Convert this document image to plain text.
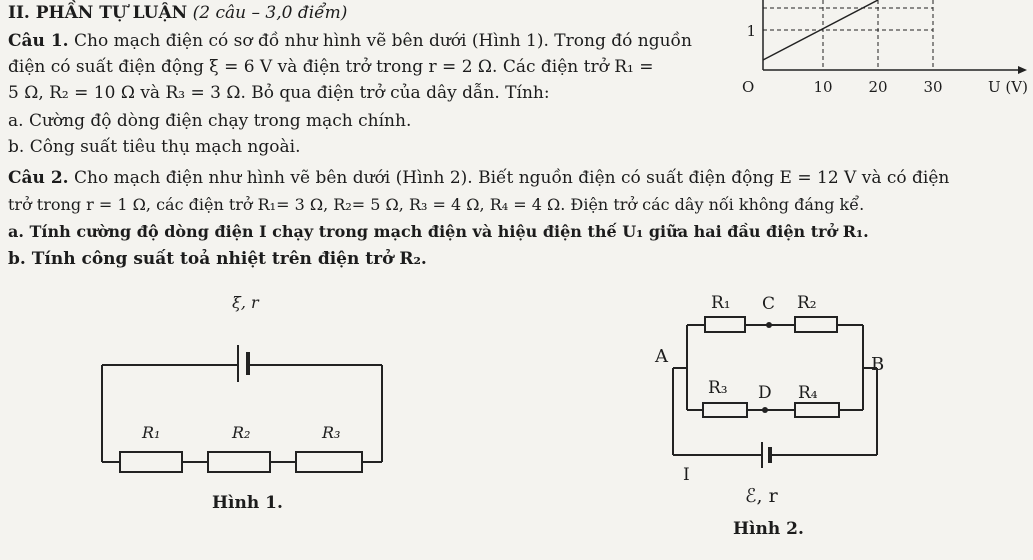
II. PHẦN TỰ LUẬN (2 câu – 3,0 điểm)
Câu 1. Cho mạch điện có sơ đồ như hình vẽ bên dưới (Hình 1). Trong đó nguồn
điện có suất điện động ξ = 6 V và điện trở trong r = 2 Ω. Các điện trở R₁ =
5 Ω, R₂ = 10 Ω và R₃ = 3 Ω. Bỏ qua điện trở của dây dẫn. Tính:
a. Cường độ dòng điện chạy trong mạch chính.
b. Công suất tiêu thụ mạch ngoài.
Câu 2. Cho mạch điện như hình vẽ bên dưới (Hình 2). Biết nguồn điện có suất điện động E = 12 V và có điện
trở trong r = 1 Ω, các điện trở R₁= 3 Ω, R₂= 5 Ω, R₃ = 4 Ω, R₄ = 4 Ω. Điện trở các dây nối không đáng kể.
a. Tính cường độ dòng điện I chạy trong mạch điện và hiệu điện thế U₁ giữa hai đầu điện trở R₁.
b. Tính công suất toả nhiệt trên điện trở R₂.
1
O	10 20 30	U (V)
ξ, r
R₁	R₂	R₃
Hình 1.
R₁ C R₂
R₃ D R₄
A	B
I
ℰ, r
Hình 2.
